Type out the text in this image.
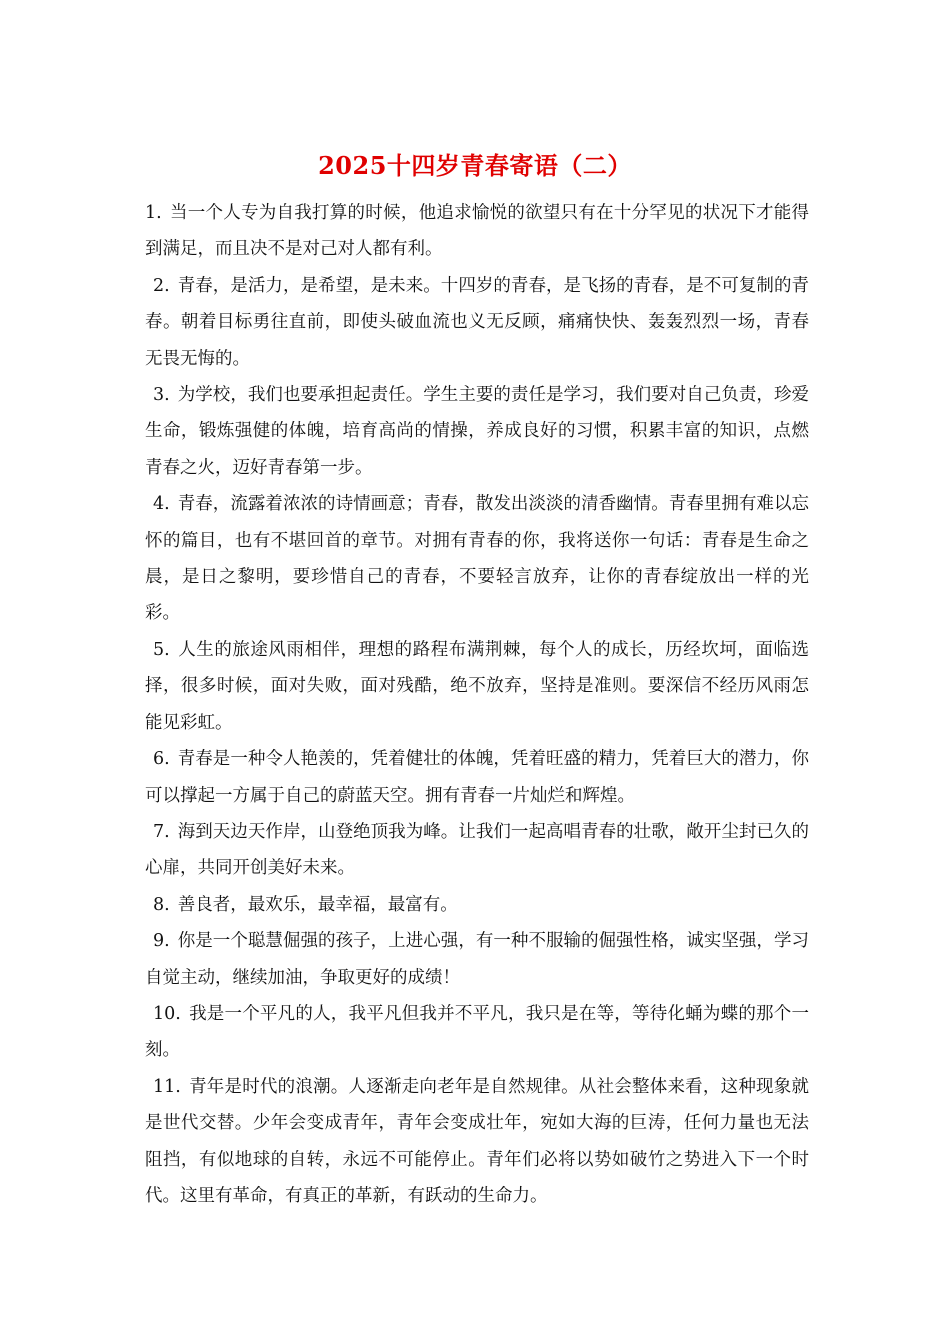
2025十四岁青春寄语（二）

1. 当一个人专为自我打算的时候，他追求愉悦的欲望只有在十分罕见的状况下才能得到满足，而且决不是对己对人都有利。

2. 青春，是活力，是希望，是未来。十四岁的青春，是飞扬的青春，是不可复制的青春。朝着目标勇往直前，即使头破血流也义无反顾，痛痛快快、轰轰烈烈一场，青春 无畏无悔的。

3. 为学校，我们也要承担起责任。学生主要的责任是学习，我们要对自己负责，珍爱生命，锻炼强健的体魄，培育高尚的情操，养成良好的习惯，积累丰富的知识，点燃青春之火，迈好青春第一步。

4. 青春，流露着浓浓的诗情画意；青春，散发出淡淡的清香幽情。青春里拥有难以忘怀的篇目，也有不堪回首的章节。对拥有青春的你，我将送你一句话：青春是生命之晨，是日之黎明，要珍惜自己的青春，不要轻言放弃，让你的青春绽放出一样的光彩。

5. 人生的旅途风雨相伴，理想的路程布满荆棘，每个人的成长，历经坎坷，面临选择，很多时候，面对失败，面对残酷，绝不放弃，坚持是准则。要深信不经历风雨怎能见彩虹。

6. 青春是一种令人艳羡的，凭着健壮的体魄，凭着旺盛的精力，凭着巨大的潜力，你可以撑起一方属于自己的蔚蓝天空。拥有青春一片灿烂和辉煌。

7. 海到天边天作岸，山登绝顶我为峰。让我们一起高唱青春的壮歌，敞开尘封已久的心扉，共同开创美好未来。

8. 善良者，最欢乐，最幸福，最富有。

9. 你是一个聪慧倔强的孩子，上进心强，有一种不服输的倔强性格，诚实坚强，学习自觉主动，继续加油，争取更好的成绩！

10. 我是一个平凡的人，我平凡但我并不平凡，我只是在等，等待化蛹为蝶的那个一刻。

11. 青年是时代的浪潮。人逐渐走向老年是自然规律。从社会整体来看，这种现象就是世代交替。少年会变成青年，青年会变成壮年，宛如大海的巨涛，任何力量也无法阻挡，有似地球的自转，永远不可能停止。青年们必将以势如破竹之势进入下一个时代。这里有革命，有真正的革新，有跃动的生命力。
